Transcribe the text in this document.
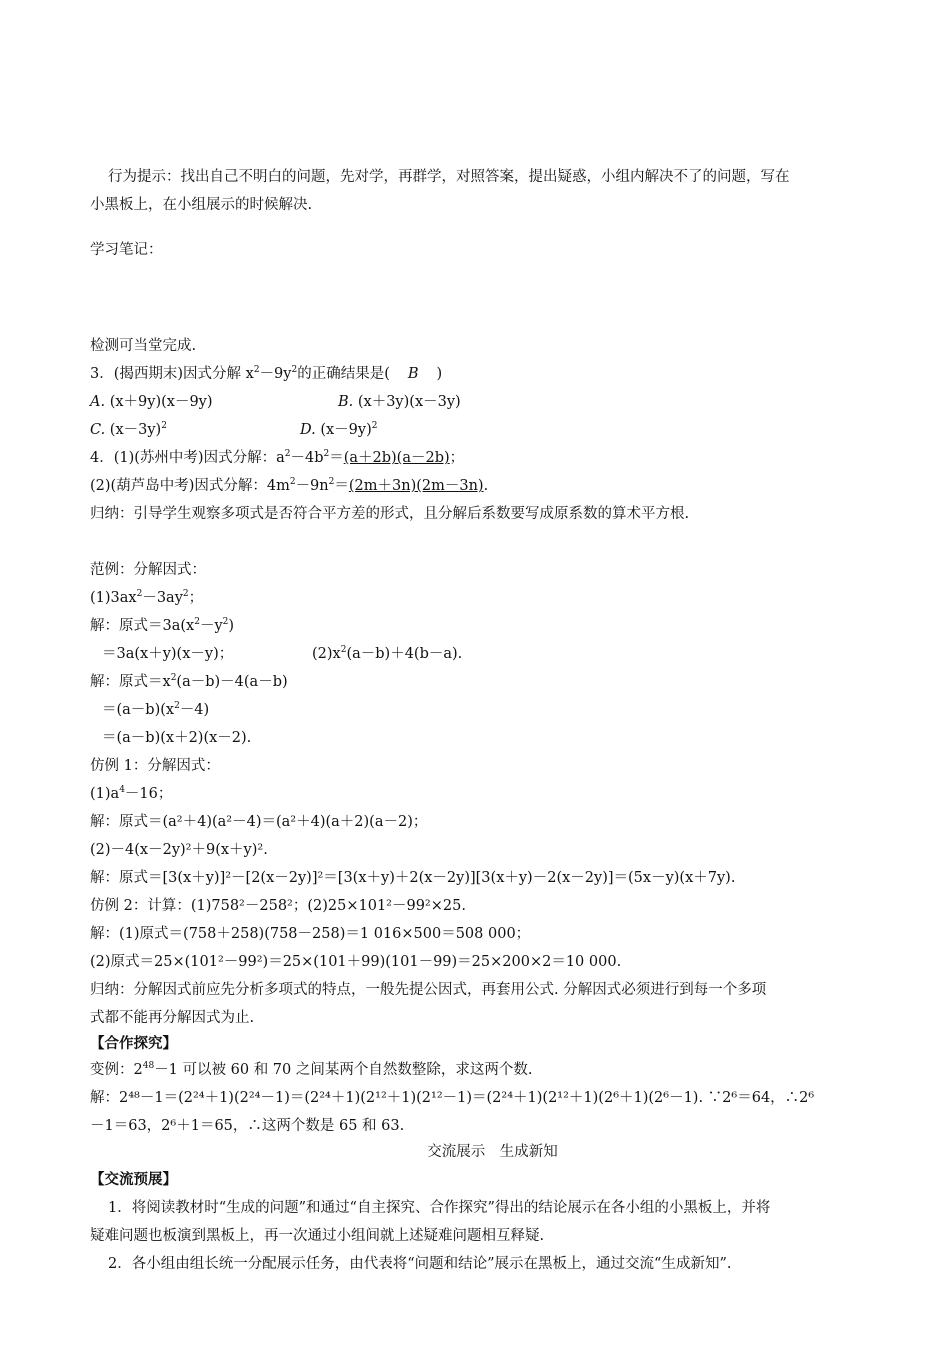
行为提示：找出自己不明白的问题，先对学，再群学，对照答案，提出疑惑，小组内解决不了的问题，写在
小黑板上，在小组展示的时候解决.
学习笔记：
检测可当堂完成.
3．(揭西期末)因式分解 $x^2-9y^2$的正确结果是( B )
A. (x＋9y)(x－9y)	B. (x＋3y)(x－3y)
C. $(x-3y)^2$	D. $(x-9y)^2$
4．(1)(苏州中考)因式分解：$a^2-4b^2=(a+2b)(a-2b)$；
(2)(葫芦岛中考)因式分解：$4m^2-9n^2=(2m+3n)(2m-3n)$.
归纳：引导学生观察多项式是否符合平方差的形式，且分解后系数要写成原系数的算术平方根.
范例：分解因式：
$(1)3ax^2-3ay^2$；
解：原式$=3a(x^2-y^2)$
＝3a(x＋y)(x－y)；	$(2)x^2(a-b)+4(b-a)$.
解：原式$=x^2(a-b)-4(a-b)$
$=(a-b)(x^2-4)$
＝(a－b)(x＋2)(x－2).
仿例 1：分解因式：
$(1)a^4-16$；
解：原式＝(a²＋4)(a²－4)＝(a²＋4)(a＋2)(a－2)；
(2)－4(x－2y)²＋9(x＋y)².
解：原式＝[3(x＋y)]²－[2(x－2y)]²＝[3(x＋y)＋2(x－2y)][3(x＋y)－2(x－2y)]＝(5x－y)(x＋7y).
仿例 2：计算：(1)758²－258²；(2)25×101²－99²×25.
解：(1)原式＝(758＋258)(758－258)＝1 016×500＝508 000；
(2)原式＝25×(101²－99²)＝25×(101＋99)(101－99)＝25×200×2＝10 000.
归纳：分解因式前应先分析多项式的特点，一般先提公因式，再套用公式. 分解因式必须进行到每一个多项
式都不能再分解因式为止.
【合作探究】
变例：$2^{48}-1$ 可以被 60 和 70 之间某两个自然数整除，求这两个数.
解：2⁴⁸－1＝(2²⁴＋1)(2²⁴－1)＝(2²⁴＋1)(2¹²＋1)(2¹²－1)＝(2²⁴＋1)(2¹²＋1)(2⁶＋1)(2⁶－1). ∵2⁶＝64，∴2⁶
－1＝63，2⁶＋1＝65，∴这两个数是 65 和 63.
交流展示　生成新知
【交流预展】
1．将阅读教材时“生成的问题”和通过“自主探究、合作探究”得出的结论展示在各小组的小黑板上，并将
疑难问题也板演到黑板上，再一次通过小组间就上述疑难问题相互释疑.
2．各小组由组长统一分配展示任务，由代表将“问题和结论”展示在黑板上，通过交流“生成新知”.
